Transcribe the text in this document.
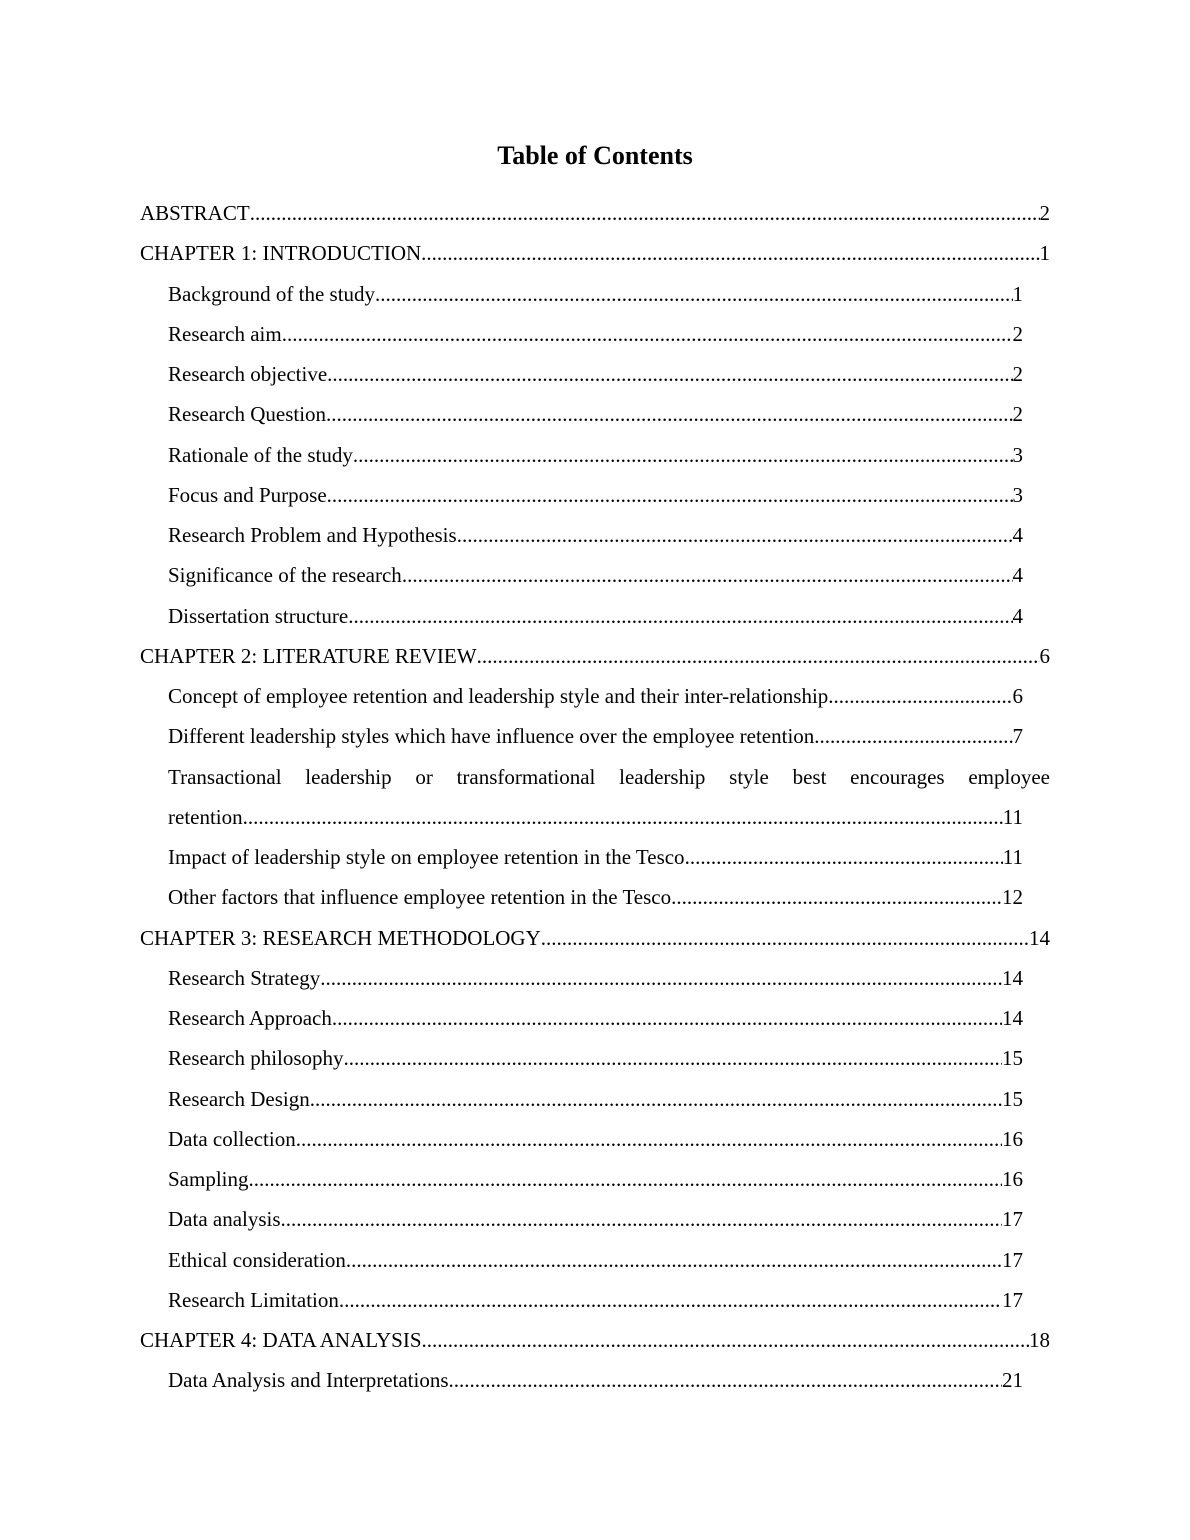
Table of Contents
ABSTRACT .....	2
CHAPTER 1: INTRODUCTION .....	1
Background of the study .....	1
Research aim .....	2
Research objective .....	2
Research Question .....	2
Rationale of the study .....	3
Focus and Purpose .....	3
Research Problem and Hypothesis .....	4
Significance of the research .....	4
Dissertation structure .....	4
CHAPTER 2: LITERATURE REVIEW .....	6
Concept of employee retention and leadership style and their inter-relationship .....	6
Different leadership styles which have influence over the employee retention .....	7
Transactional leadership or transformational leadership style best encourages employee
retention .....	11
Impact of leadership style on employee retention in the Tesco .....	11
Other factors that influence employee retention in the Tesco .....	12
CHAPTER 3: RESEARCH METHODOLOGY .....	14
Research Strategy .....	14
Research Approach .....	14
Research philosophy .....	15
Research Design .....	15
Data collection .....	16
Sampling .....	16
Data analysis .....	17
Ethical consideration .....	17
Research Limitation .....	17
CHAPTER 4: DATA ANALYSIS .....	18
Data Analysis and Interpretations .....	21
